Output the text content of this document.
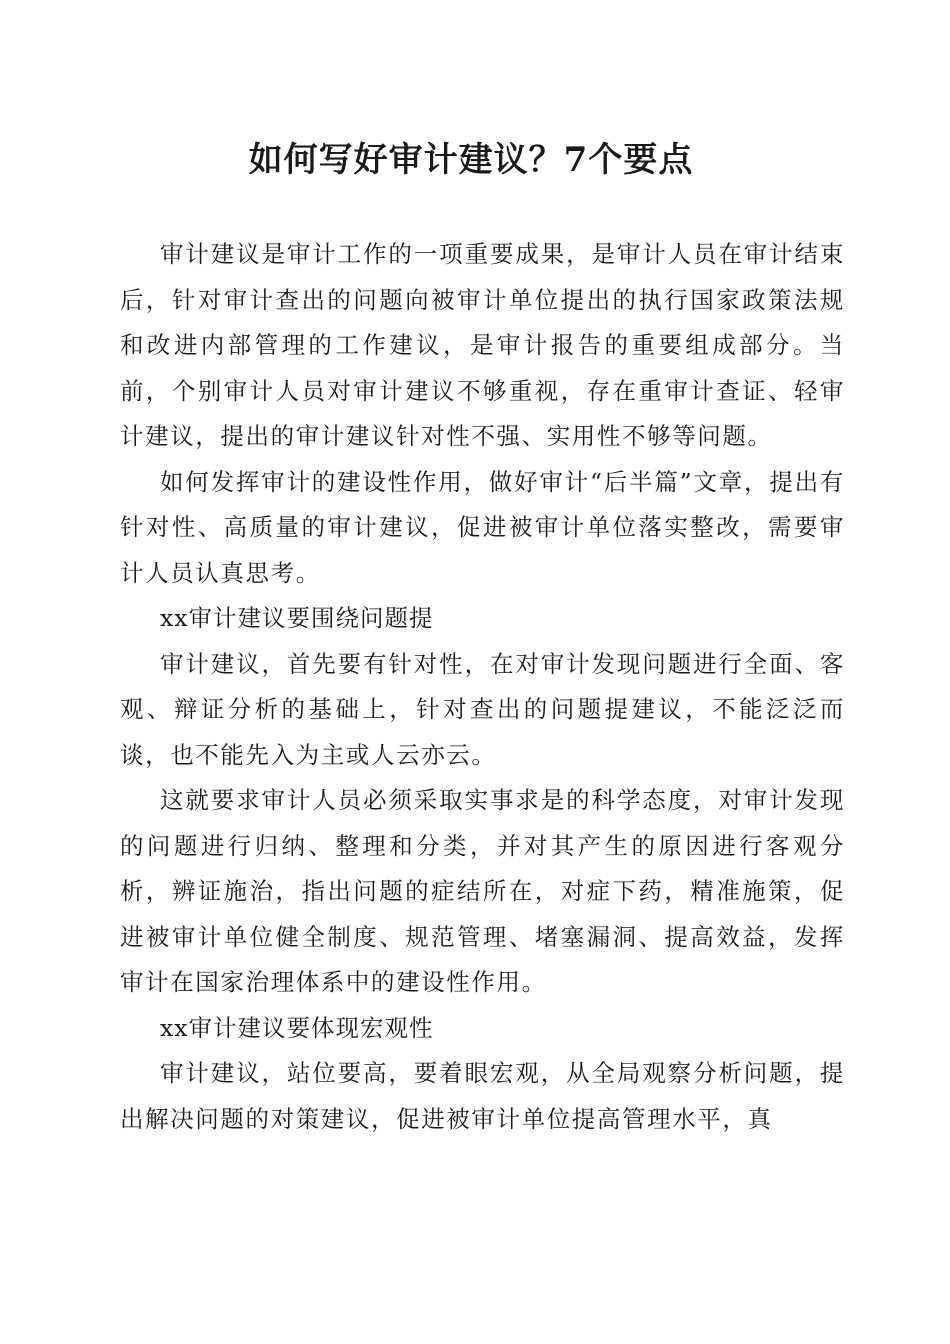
如何写好审计建议？7个要点

审计建议是审计工作的一项重要成果，是审计人员在审计结束后，针对审计查出的问题向被审计单位提出的执行国家政策法规和改进内部管理的工作建议，是审计报告的重要组成部分。当前，个别审计人员对审计建议不够重视，存在重审计查证、轻审计建议，提出的审计建议针对性不强、实用性不够等问题。

如何发挥审计的建设性作用，做好审计“后半篇”文章，提出有针对性、高质量的审计建议，促进被审计单位落实整改，需要审计人员认真思考。

xx审计建议要围绕问题提

审计建议，首先要有针对性，在对审计发现问题进行全面、客观、辩证分析的基础上，针对查出的问题提建议，不能泛泛而谈，也不能先入为主或人云亦云。

这就要求审计人员必须采取实事求是的科学态度，对审计发现的问题进行归纳、整理和分类，并对其产生的原因进行客观分析，辨证施治，指出问题的症结所在，对症下药，精准施策，促进被审计单位健全制度、规范管理、堵塞漏洞、提高效益，发挥审计在国家治理体系中的建设性作用。

xx审计建议要体现宏观性

审计建议，站位要高，要着眼宏观，从全局观察分析问题，提出解决问题的对策建议，促进被审计单位提高管理水平，真
